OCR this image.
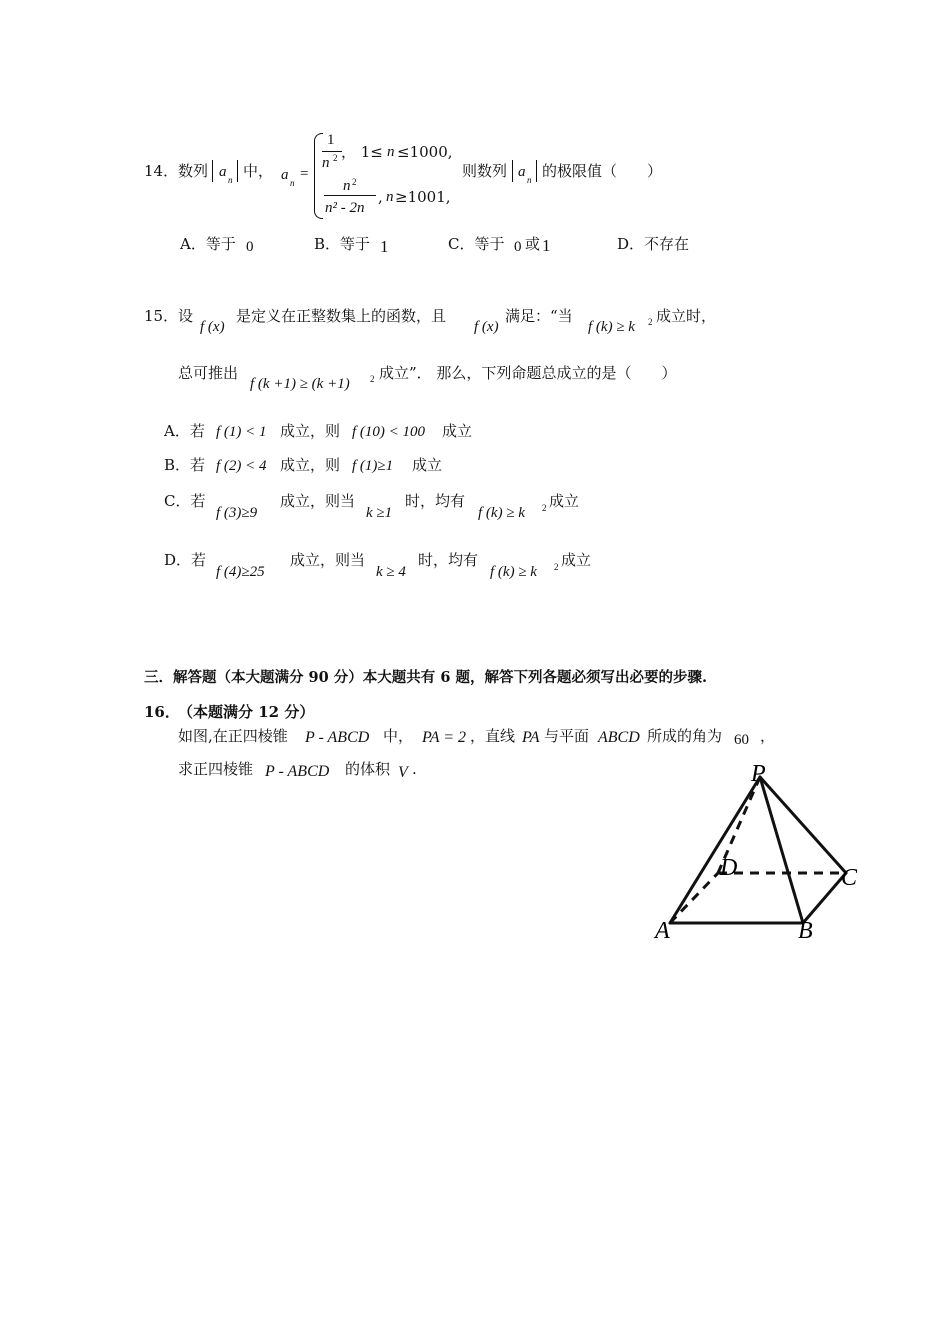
14． 数列 a n 中， a n
=
1
n 2 ， 1≤ n ≤1000,
n 2
n² - 2n
, n ≥1001,
则数列 a n 的极限值（　　）
A．等于 0	B．等于 1	C．等于 0 或 1	D．不存在
15． 设
f (x)
是定义在正整数集上的函数，且
f (x)
满足：“当
f (k) ≥ k 2 成立时，
总可推出
f (k +1) ≥ (k +1) 2 成立”． 那么，下列命题总成立的是（　　）
A．若 f (1) < 1 成立，则 f (10) < 100 成立
B．若 f (2) < 4 成立，则 f (1)≥1 成立
C．若
f (3)≥9
成立，则当
k ≥1
时，均有
f (k) ≥ k 2 成立
D．若
f (4)≥25
成立，则当
k ≥ 4
时，均有
f (k) ≥ k 2 成立
三．解答题（本大题满分 90 分）本大题共有 6 题，解答下列各题必须写出必要的步骤.
16．
（本题满分 12 分）
如图,在正四棱锥 P - ABCD 中， PA = 2 ，直线 PA 与平面 ABCD 所成的角为 60 ，
求正四棱锥 P - ABCD 的体积 V .	P
D	C
A	B
